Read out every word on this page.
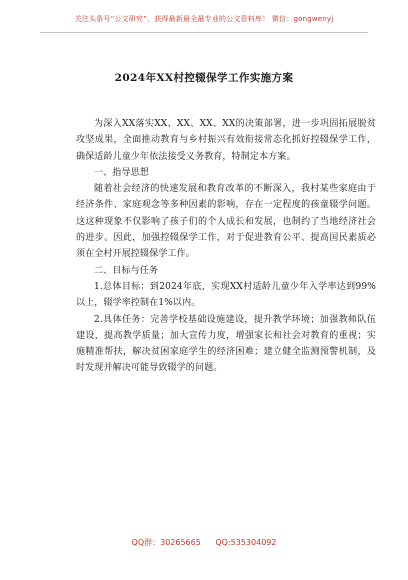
关注头条号“公文研究”，获得最新最全最专业的公文资料库！ 微信：gongwenyj
2024年XX村控辍保学工作实施方案

为深入XX落实XX、XX、XX、XX的决策部署，进一步巩固拓展脱贫攻坚成果，全面推动教育与乡村振兴有效衔接常态化抓好控辍保学工作，确保适龄儿童少年依法接受义务教育，特制定本方案。

一、指导思想

随着社会经济的快速发展和教育改革的不断深入，我村某些家庭由于经济条件、家庭观念等多种因素的影响，存在一定程度的孩童辍学问题。这这种现象不仅影响了孩子们的个人成长和发展，也制约了当地经济社会的进步。因此，加强控辍保学工作，对于促进教育公平、提高国民素质必须在全村开展控辍保学工作。

二、目标与任务

1.总体目标：到2024年底，实现XX村适龄儿童少年入学率达到99%以上，辍学率控制在1%以内。

2.具体任务：完善学校基础设施建设，提升教学环境；加强教师队伍建设，提高教学质量；加大宣传力度，增强家长和社会对教育的重视；实施精准帮扶，解决贫困家庭学生的经济困难；建立健全监测预警机制，及时发现并解决可能导致辍学的问题。

QQ群：30265665 QQ:535304092
